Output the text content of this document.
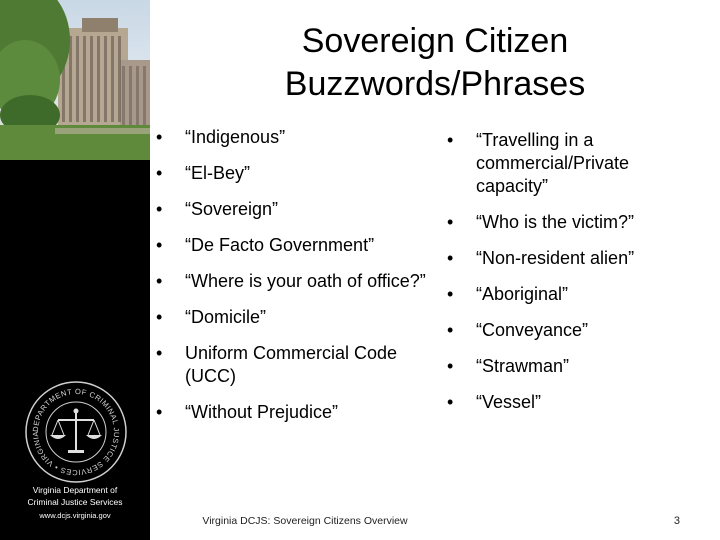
DEPARTMENT OF CRIMINAL JUSTICE SERVICES • VIRGINIA
Virginia Department of
Criminal Justice Services
www.dcjs.virginia.gov
Sovereign Citizen
Buzzwords/Phrases
• “Indigenous”
• “El-Bey”
• “Sovereign”
• “De Facto Government”
• “Where is your oath of office?”
• “Domicile”
• Uniform Commercial Code (UCC)
• “Without Prejudice”
• “Travelling in a commercial/Private capacity”
• “Who is the victim?”
• “Non-resident alien”
• “Aboriginal”
• “Conveyance”
• “Strawman”
• “Vessel”
Virginia DCJS: Sovereign Citizens Overview	3
